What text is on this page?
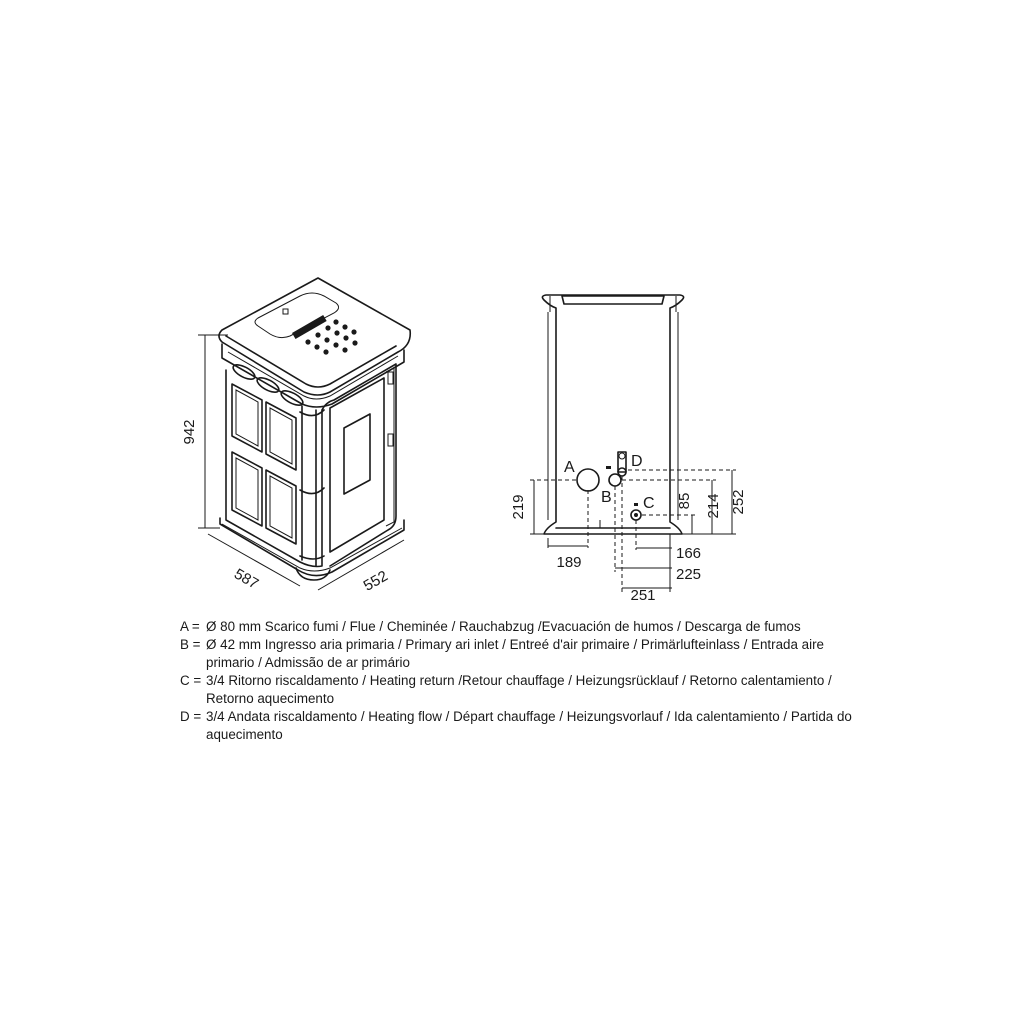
942
587	552
A
B C
D
219
189
85 214 252
166
225
251
A = Ø 80 mm Scarico fumi / Flue / Cheminée / Rauchabzug /Evacuación de humos / Descarga de fumos
B = Ø 42 mm Ingresso aria primaria / Primary ari inlet / Entreé d'air primaire / Primärlufteinlass / Entrada aire primario / Admissão de ar primário
C = 3/4 Ritorno riscaldamento / Heating return /Retour chauffage / Heizungsrücklauf / Retorno calentamiento / Retorno aquecimento
D = 3/4 Andata riscaldamento / Heating flow / Départ chauffage / Heizungsvorlauf / Ida calentamiento / Partida do aquecimento
